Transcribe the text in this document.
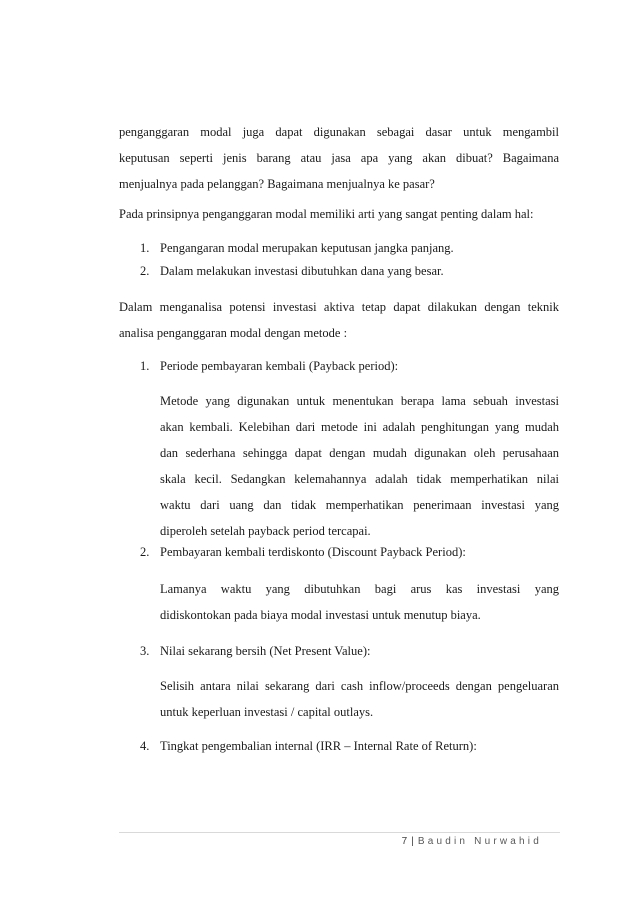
penganggaran modal juga dapat digunakan sebagai dasar untuk mengambil
keputusan seperti jenis barang atau jasa apa yang akan dibuat? Bagaimana
menjualnya pada pelanggan? Bagaimana menjualnya ke pasar?
Pada prinsipnya penganggaran modal memiliki arti yang sangat penting dalam hal:
1. Pengangaran modal merupakan keputusan jangka panjang.
2. Dalam melakukan investasi dibutuhkan dana yang besar.
Dalam menganalisa potensi investasi aktiva tetap dapat dilakukan dengan teknik
analisa penganggaran modal dengan metode :
1. Periode pembayaran kembali (Payback period):
Metode yang digunakan untuk menentukan berapa lama sebuah investasi
akan kembali. Kelebihan dari metode ini adalah penghitungan yang mudah
dan sederhana sehingga dapat dengan mudah digunakan oleh perusahaan
skala kecil. Sedangkan kelemahannya adalah tidak memperhatikan nilai
waktu dari uang dan tidak memperhatikan penerimaan investasi yang
diperoleh setelah payback period tercapai.
2. Pembayaran kembali terdiskonto (Discount Payback Period):
Lamanya waktu yang dibutuhkan bagi arus kas investasi yang
didiskontokan pada biaya modal investasi untuk menutup biaya.
3. Nilai sekarang bersih (Net Present Value):
Selisih antara nilai sekarang dari cash inflow/proceeds dengan pengeluaran
untuk keperluan investasi / capital outlays.
4. Tingkat pengembalian internal (IRR – Internal Rate of Return):
7 | Baudin Nurwahid
